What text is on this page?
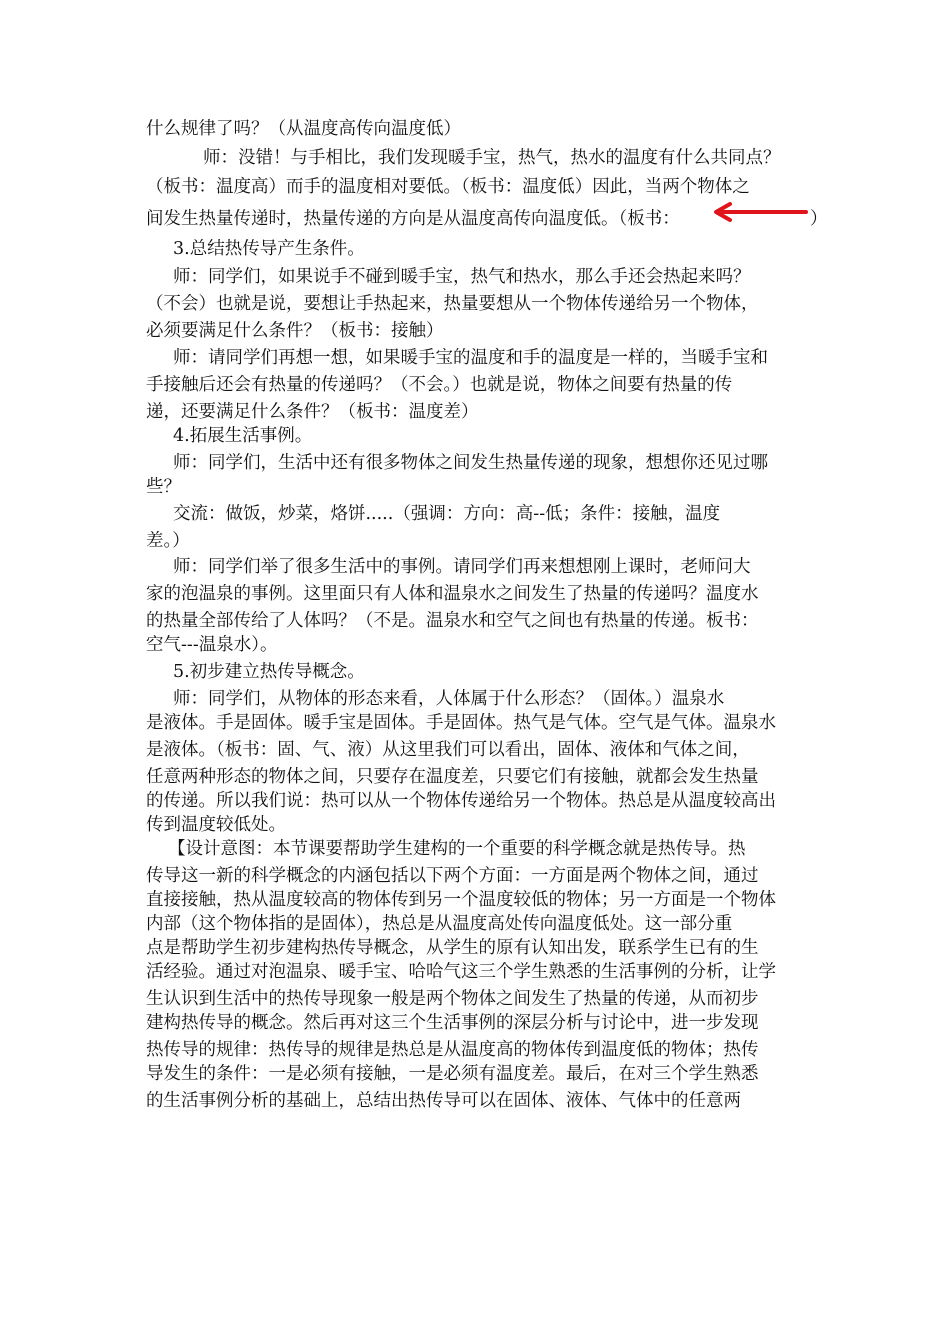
什么规律了吗？（从温度高传向温度低）
师：没错！与手相比，我们发现暖手宝，热气，热水的温度有什么共同点？
（板书：温度高）而手的温度相对要低。（板书：温度低）因此，当两个物体之
间发生热量传递时，热量传递的方向是从温度高传向温度低。（板书：	）
3.总结热传导产生条件。
师：同学们，如果说手不碰到暖手宝，热气和热水，那么手还会热起来吗？
（不会）也就是说，要想让手热起来，热量要想从一个物体传递给另一个物体，
必须要满足什么条件？（板书：接触）
师：请同学们再想一想，如果暖手宝的温度和手的温度是一样的，当暖手宝和
手接触后还会有热量的传递吗？（不会。）也就是说，物体之间要有热量的传
递，还要满足什么条件？（板书：温度差）
4.拓展生活事例。
师：同学们，生活中还有很多物体之间发生热量传递的现象，想想你还见过哪
些？
交流：做饭，炒菜，烙饼.....（强调：方向：高--低；条件：接触，温度
差。）
师：同学们举了很多生活中的事例。请同学们再来想想刚上课时，老师问大
家的泡温泉的事例。这里面只有人体和温泉水之间发生了热量的传递吗？温度水
的热量全部传给了人体吗？（不是。温泉水和空气之间也有热量的传递。板书：
空气---温泉水）。
5.初步建立热传导概念。
师：同学们，从物体的形态来看，人体属于什么形态？（固体。）温泉水
是液体。手是固体。暖手宝是固体。手是固体。热气是气体。空气是气体。温泉水
是液体。（板书：固、气、液）从这里我们可以看出，固体、液体和气体之间，
任意两种形态的物体之间，只要存在温度差，只要它们有接触，就都会发生热量
的传递。所以我们说：热可以从一个物体传递给另一个物体。热总是从温度较高出
传到温度较低处。
【设计意图：本节课要帮助学生建构的一个重要的科学概念就是热传导。热
传导这一新的科学概念的内涵包括以下两个方面：一方面是两个物体之间，通过
直接接触，热从温度较高的物体传到另一个温度较低的物体；另一方面是一个物体
内部（这个物体指的是固体），热总是从温度高处传向温度低处。这一部分重
点是帮助学生初步建构热传导概念，从学生的原有认知出发，联系学生已有的生
活经验。通过对泡温泉、暖手宝、哈哈气这三个学生熟悉的生活事例的分析，让学
生认识到生活中的热传导现象一般是两个物体之间发生了热量的传递，从而初步
建构热传导的概念。然后再对这三个生活事例的深层分析与讨论中，进一步发现
热传导的规律：热传导的规律是热总是从温度高的物体传到温度低的物体；热传
导发生的条件：一是必须有接触，一是必须有温度差。最后，在对三个学生熟悉
的生活事例分析的基础上，总结出热传导可以在固体、液体、气体中的任意两
